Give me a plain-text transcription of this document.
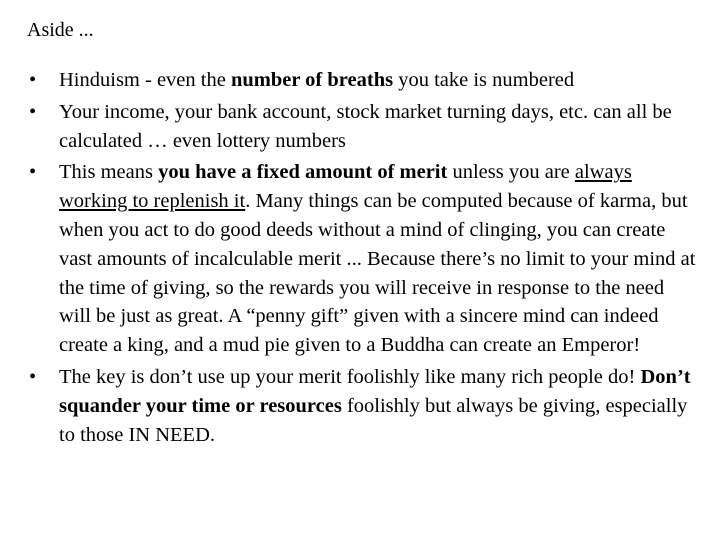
Aside ...
• Hinduism - even the number of breaths you take is numbered
• Your income, your bank account, stock market turning days, etc. can all be calculated … even lottery numbers
• This means you have a fixed amount of merit unless you are always working to replenish it. Many things can be computed because of karma, but when you act to do good deeds without a mind of clinging, you can create vast amounts of incalculable merit ... Because there’s no limit to your mind at the time of giving, so the rewards you will receive in response to the need will be just as great. A “penny gift” given with a sincere mind can indeed create a king, and a mud pie given to a Buddha can create an Emperor!
• The key is don’t use up your merit foolishly like many rich people do! Don’t squander your time or resources foolishly but always be giving, especially to those IN NEED.
